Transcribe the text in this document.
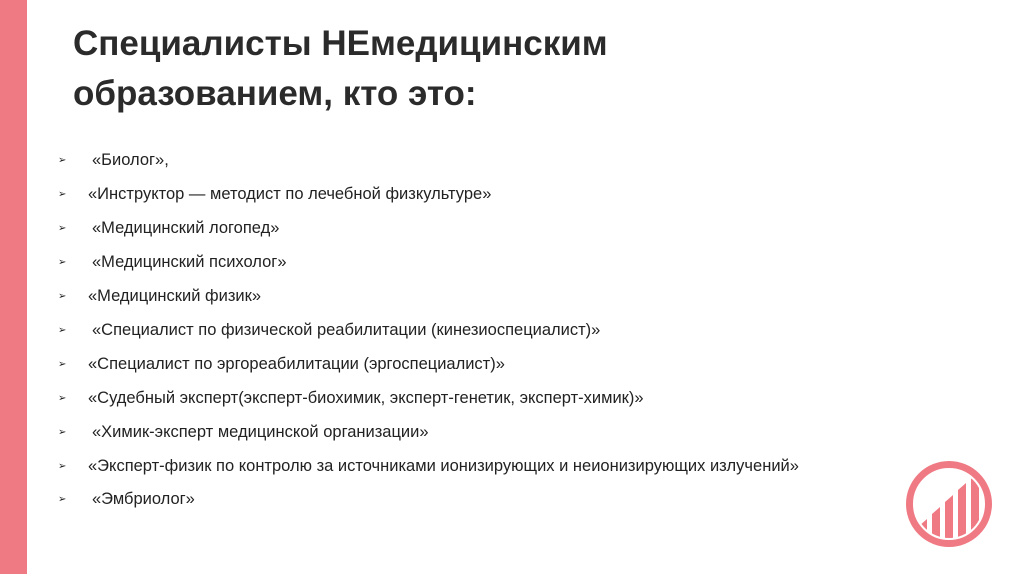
Специалисты НЕмедицинским
образованием, кто это:
➢	«Биолог»,
➢	«Инструктор — методист по лечебной физкультуре»
➢	«Медицинский логопед»
➢	«Медицинский психолог»
➢	«Медицинский физик»
➢	«Специалист по физической реабилитации (кинезиоспециалист)»
➢	«Специалист по эргореабилитации (эргоспециалист)»
➢	«Судебный эксперт(эксперт-биохимик, эксперт-генетик, эксперт-химик)»
➢	«Химик-эксперт медицинской организации»
➢	«Эксперт-физик по контролю за источниками ионизирующих и неионизирующих излучений»
➢	«Эмбриолог»
